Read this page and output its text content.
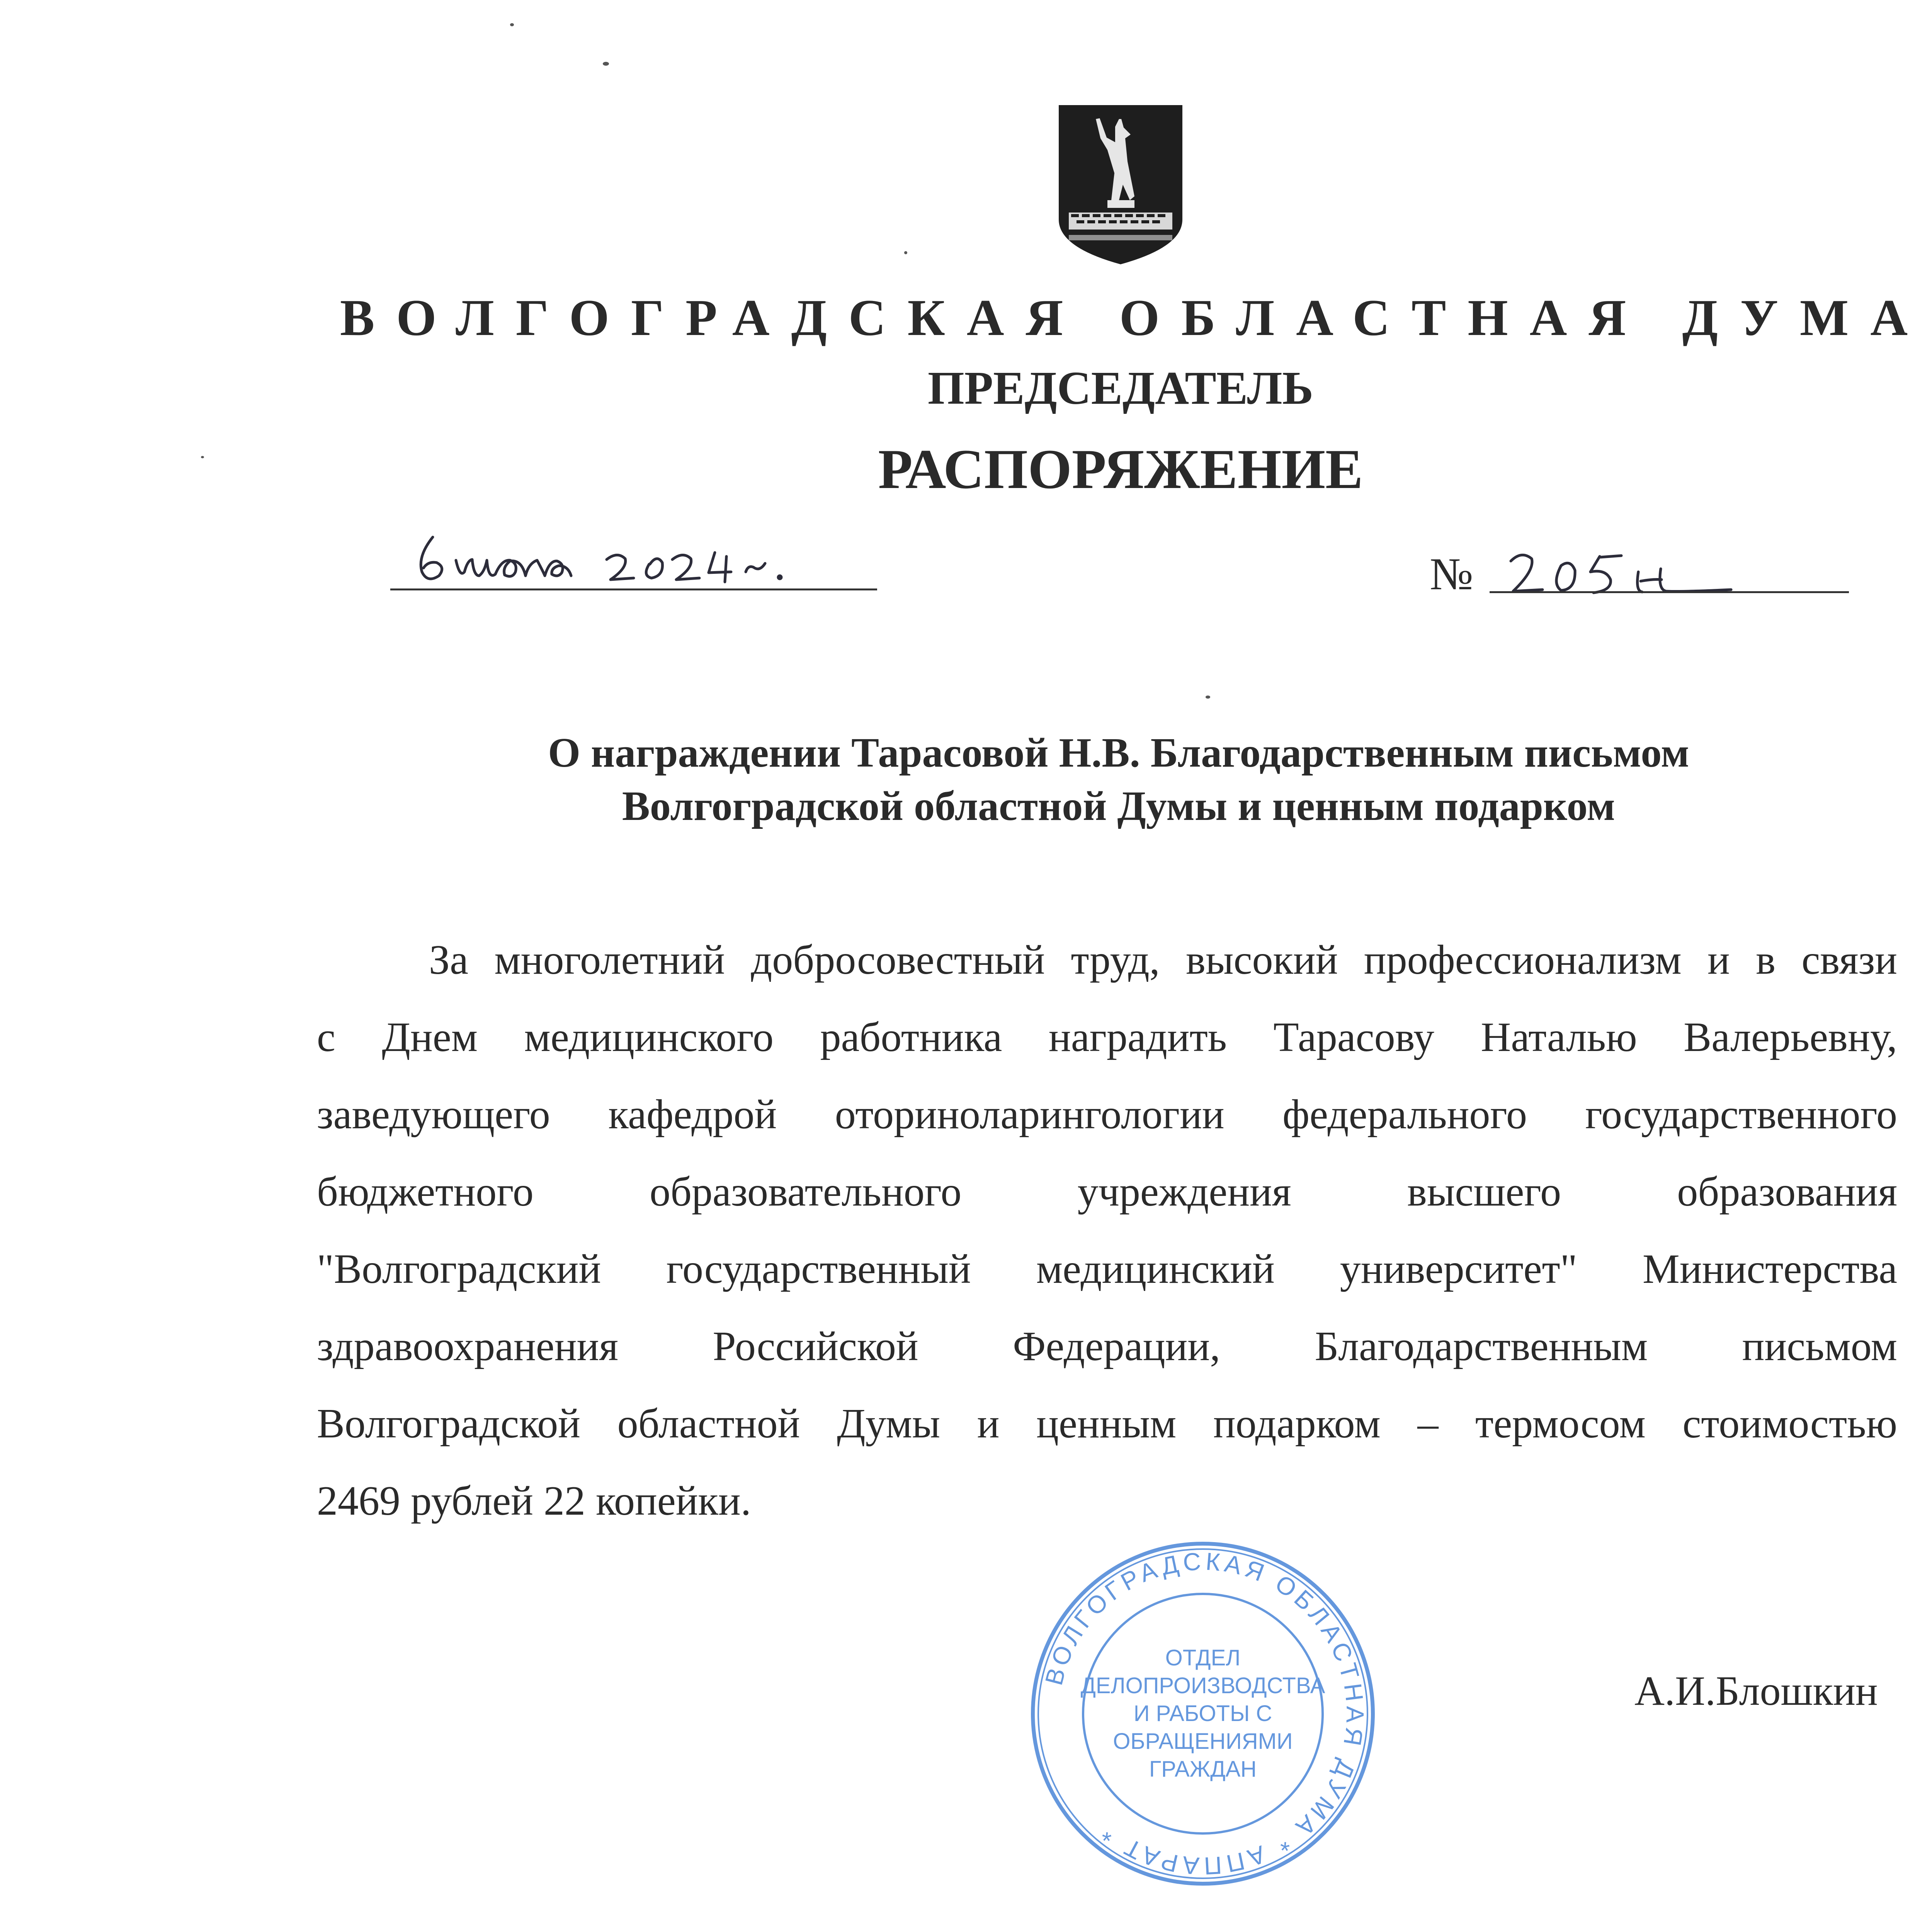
ВОЛГОГРАДСКАЯ ОБЛАСТНАЯ ДУМА
ПРЕДСЕДАТЕЛЬ
РАСПОРЯЖЕНИЕ
№
О награждении Тарасовой Н.В. Благодарственным письмом
Волгоградской областной Думы и ценным подарком
За многолетний добросовестный труд, высокий профессионализм и в связи
с Днем медицинского работника наградить Тарасову Наталью Валерьевну,
заведующего кафедрой оториноларингологии федерального государственного
бюджетного образовательного учреждения высшего образования
"Волгоградский государственный медицинский университет" Министерства
здравоохранения Российской Федерации, Благодарственным письмом
Волгоградской областной Думы и ценным подарком – термосом стоимостью
2469 рублей 22 копейки.
ВОЛГОГРАДСКАЯ ОБЛАСТНАЯ ДУМА * АППАРАТ *
ОТДЕЛ
ДЕЛОПРОИЗВОДСТВА
И РАБОТЫ С
ОБРАЩЕНИЯМИ
ГРАЖДАН
А.И.Блошкин
